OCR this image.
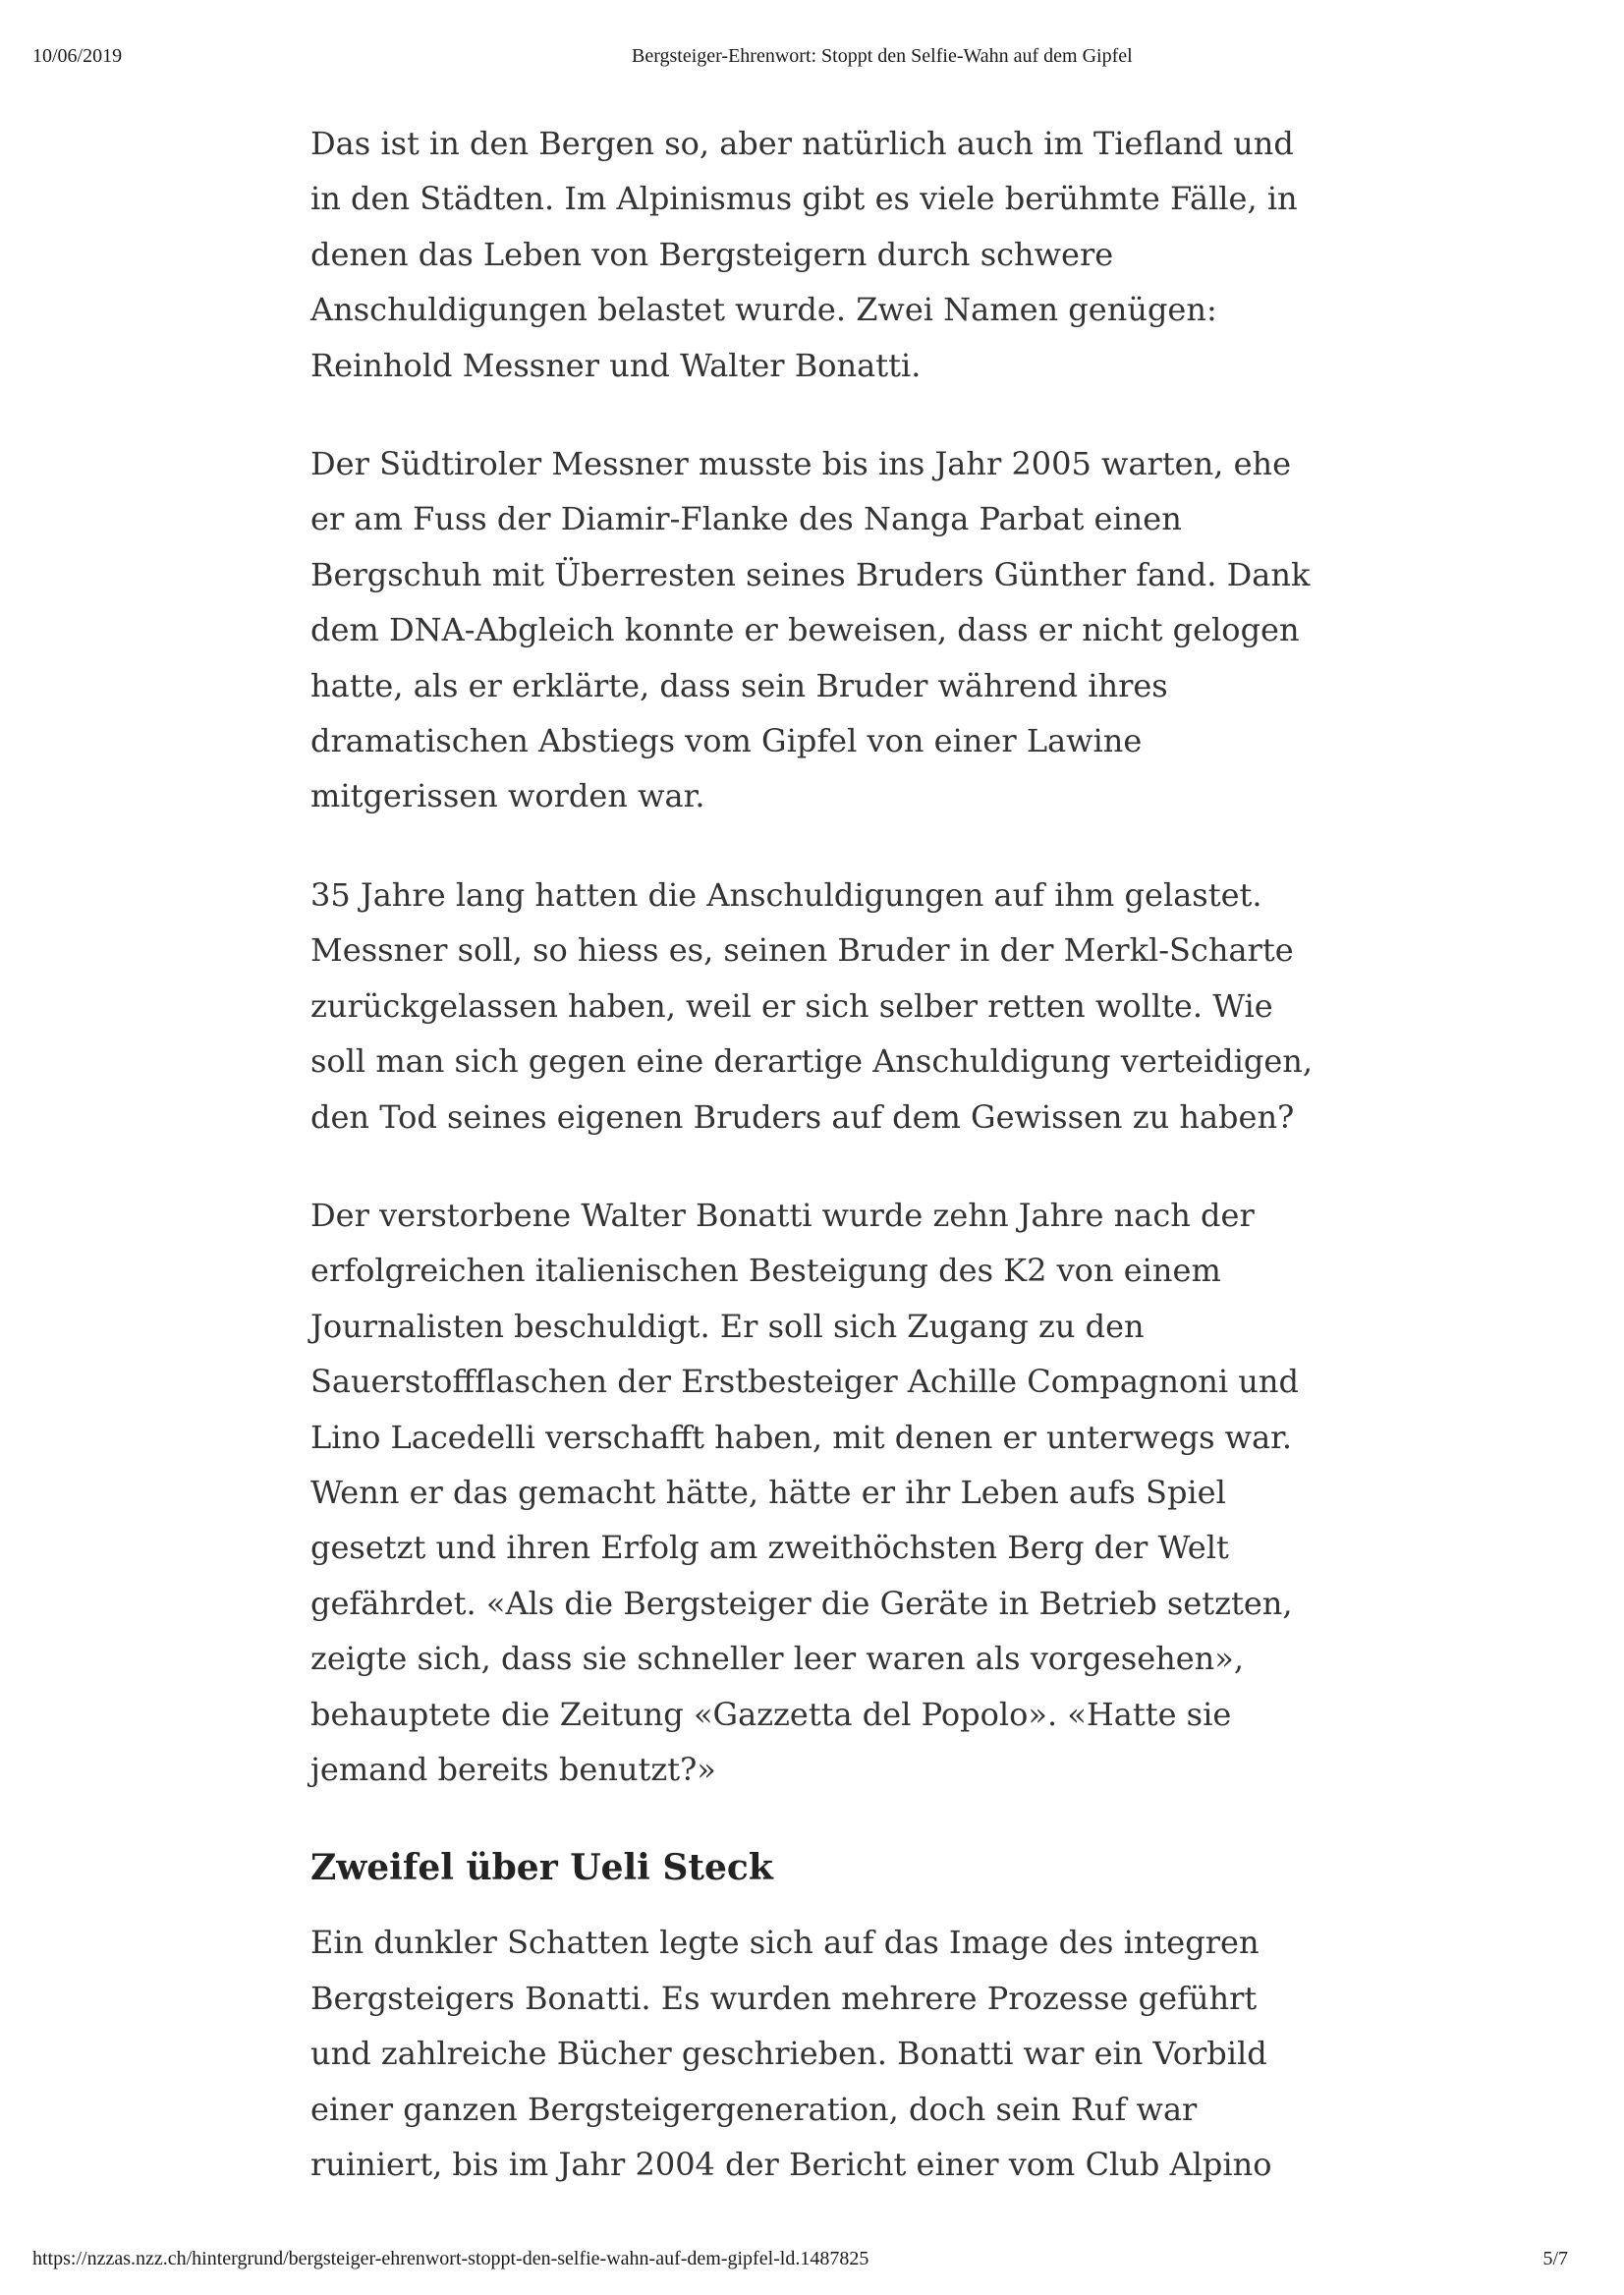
10/06/2019	Bergsteiger-Ehrenwort: Stoppt den Selfie-Wahn auf dem Gipfel

Das ist in den Bergen so, aber natürlich auch im Tiefland und
in den Städten. Im Alpinismus gibt es viele berühmte Fälle, in
denen das Leben von Bergsteigern durch schwere
Anschuldigungen belastet wurde. Zwei Namen genügen:
Reinhold Messner und Walter Bonatti.

Der Südtiroler Messner musste bis ins Jahr 2005 warten, ehe
er am Fuss der Diamir-Flanke des Nanga Parbat einen
Bergschuh mit Überresten seines Bruders Günther fand. Dank
dem DNA-Abgleich konnte er beweisen, dass er nicht gelogen
hatte, als er erklärte, dass sein Bruder während ihres
dramatischen Abstiegs vom Gipfel von einer Lawine
mitgerissen worden war.

35 Jahre lang hatten die Anschuldigungen auf ihm gelastet.
Messner soll, so hiess es, seinen Bruder in der Merkl-Scharte
zurückgelassen haben, weil er sich selber retten wollte. Wie
soll man sich gegen eine derartige Anschuldigung verteidigen,
den Tod seines eigenen Bruders auf dem Gewissen zu haben?

Der verstorbene Walter Bonatti wurde zehn Jahre nach der
erfolgreichen italienischen Besteigung des K2 von einem
Journalisten beschuldigt. Er soll sich Zugang zu den
Sauerstoffflaschen der Erstbesteiger Achille Compagnoni und
Lino Lacedelli verschafft haben, mit denen er unterwegs war.
Wenn er das gemacht hätte, hätte er ihr Leben aufs Spiel
gesetzt und ihren Erfolg am zweithöchsten Berg der Welt
gefährdet. «Als die Bergsteiger die Geräte in Betrieb setzten,
zeigte sich, dass sie schneller leer waren als vorgesehen»,
behauptete die Zeitung «Gazzetta del Popolo». «Hatte sie
jemand bereits benutzt?»

Zweifel über Ueli Steck

Ein dunkler Schatten legte sich auf das Image des integren
Bergsteigers Bonatti. Es wurden mehrere Prozesse geführt
und zahlreiche Bücher geschrieben. Bonatti war ein Vorbild
einer ganzen Bergsteigergeneration, doch sein Ruf war
ruiniert, bis im Jahr 2004 der Bericht einer vom Club Alpino

https://nzzas.nzz.ch/hintergrund/bergsteiger-ehrenwort-stoppt-den-selfie-wahn-auf-dem-gipfel-ld.1487825	5/7
